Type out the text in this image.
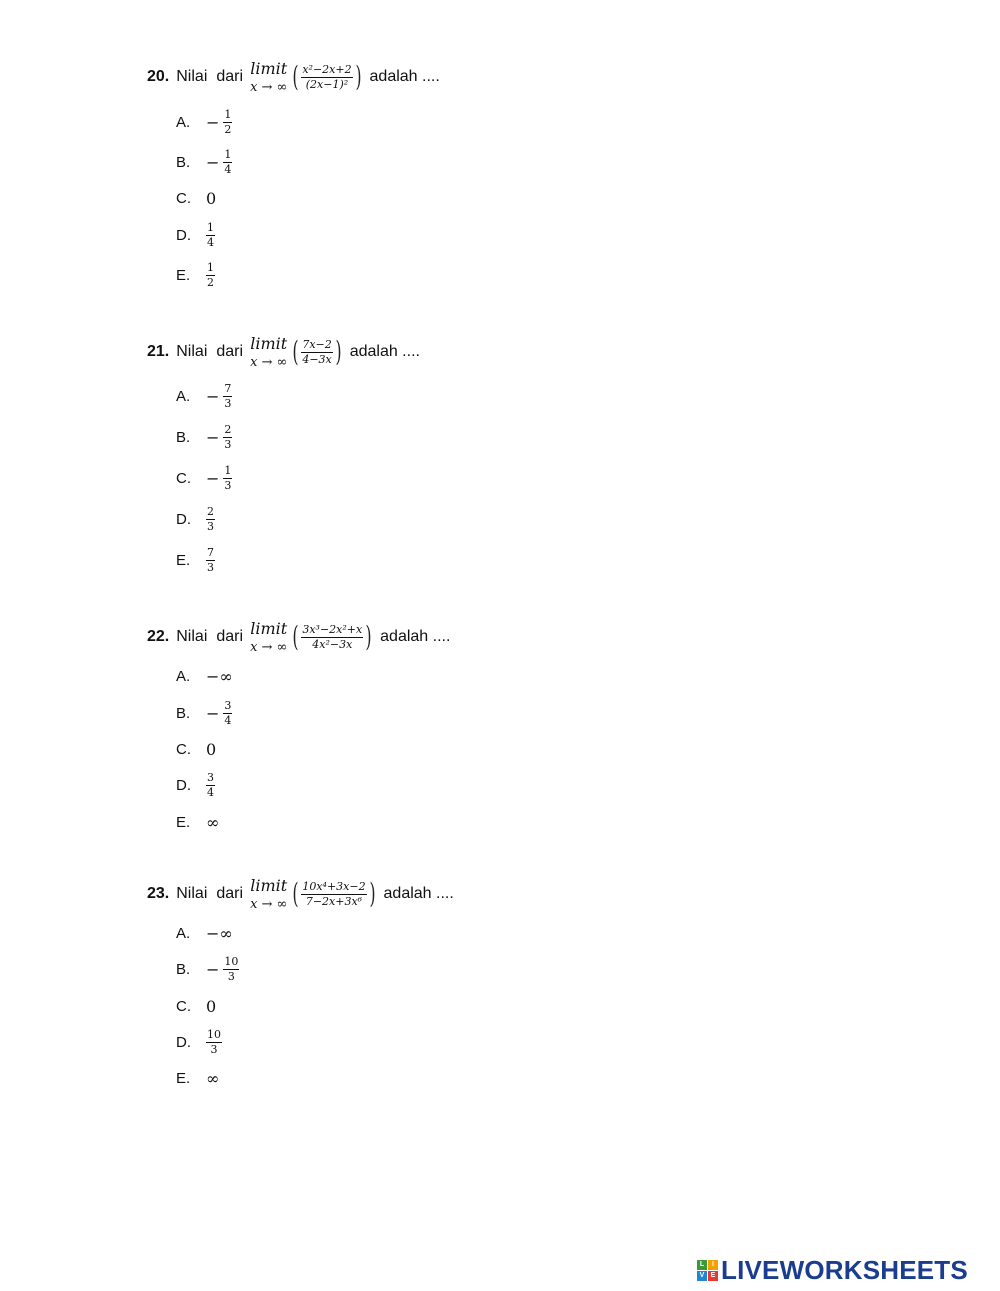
20. Nilai dari limit
x → ∞ ( $\frac{\text{x²−2x+2}}{\text{(2x−1)²}}$ ) adalah ....
A. − $\frac{1}{2}$
B. − $\frac{1}{4}$
C. 0
D.	$\frac{1}{4}$
E.	$\frac{1}{2}$
21. Nilai dari limit
x → ∞ ( $\frac{7x-2}{4-3x}$ ) adalah ....
A. − $\frac{7}{3}$
B. − $\frac{2}{3}$
C. − $\frac{1}{3}$
D.	$\frac{2}{3}$
E.	$\frac{7}{3}$
22. Nilai dari limit
x → ∞ ( $\frac{\text{3x³−2x²+x}}{\text{4x²−3x}}$ ) adalah ....
A. −∞
B. − $\frac{3}{4}$
C. 0
D.	$\frac{3}{4}$
E. ∞
23. Nilai dari limit
x → ∞ ( $\frac{\text{10x⁴+3x−2}}{\text{7−2x+3x⁶}}$ ) adalah ....
A. −∞
B. − $\frac{10}{3}$
C. 0
D.	$\frac{10}{3}$
E. ∞
L	I
V E LIVEWORKSHEETS
